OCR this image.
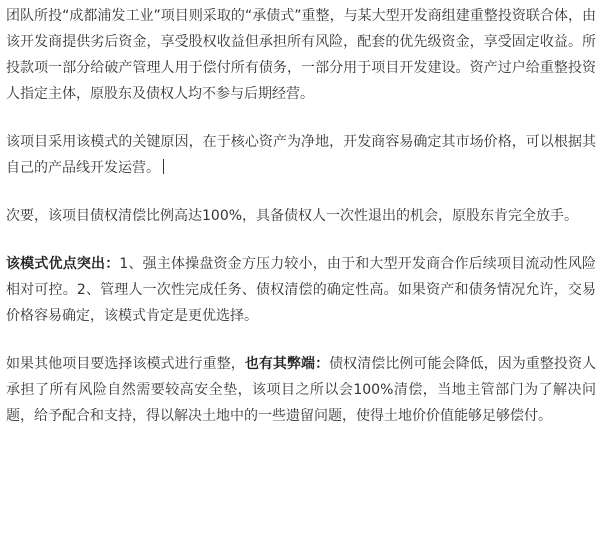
团队所投“成都浦发工业”项目则采取的“承债式”重整，与某大型开发商组建重整投资联合体，由该开发商提供劣后资金，享受股权收益但承担所有风险，配套的优先级资金，享受固定收益。所投款项一部分给破产管理人用于偿付所有债务，一部分用于项目开发建设。资产过户给重整投资人指定主体，原股东及债权人均不参与后期经营。

该项目采用该模式的关键原因，在于核心资产为净地，开发商容易确定其市场价格，可以根据其自己的产品线开发运营。

次要，该项目债权清偿比例高达100%，具备债权人一次性退出的机会，原股东肯完全放手。

该模式优点突出：1、强主体操盘资金方压力较小，由于和大型开发商合作后续项目流动性风险相对可控。2、管理人一次性完成任务、债权清偿的确定性高。如果资产和债务情况允许，交易价格容易确定，该模式肯定是更优选择。

如果其他项目要选择该模式进行重整，也有其弊端：债权清偿比例可能会降低，因为重整投资人承担了所有风险自然需要较高安全垫，该项目之所以会100%清偿，当地主管部门为了解决问题，给予配合和支持，得以解决土地中的一些遗留问题，使得土地价价值能够足够偿付。
